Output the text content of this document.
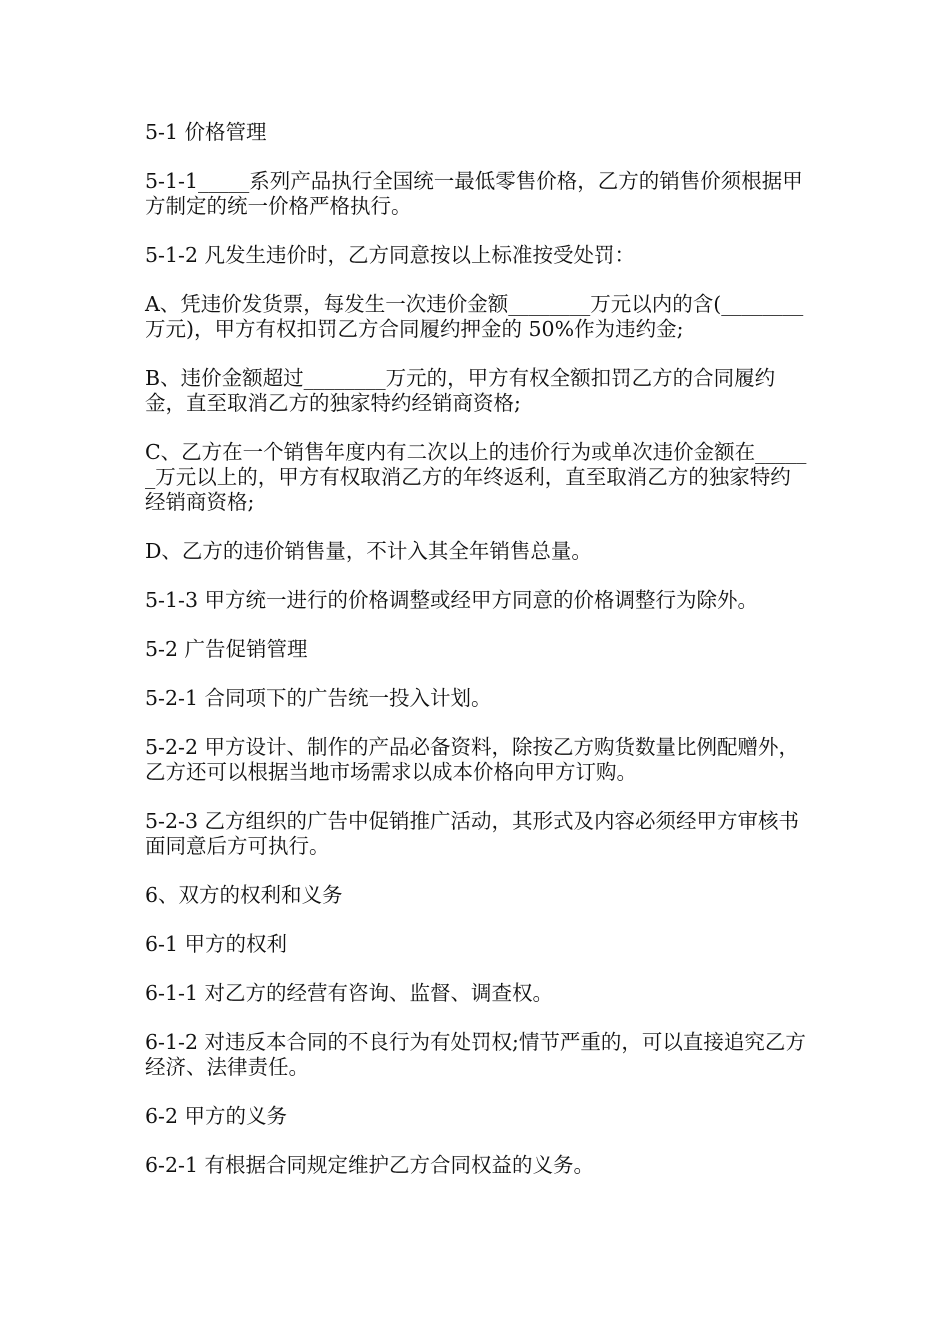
5-1 价格管理

5-1-1_____系列产品执行全国统一最低零售价格，乙方的销售价须根据甲方制定的统一价格严格执行。

5-1-2 凡发生违价时，乙方同意按以上标准按受处罚：

A、凭违价发货票，每发生一次违价金额________万元以内的含(________万元)，甲方有权扣罚乙方合同履约押金的 50%作为违约金;

B、违价金额超过________万元的，甲方有权全额扣罚乙方的合同履约金，直至取消乙方的独家特约经销商资格;

C、乙方在一个销售年度内有二次以上的违价行为或单次违价金额在______万元以上的，甲方有权取消乙方的年终返利，直至取消乙方的独家特约经销商资格;

D、乙方的违价销售量，不计入其全年销售总量。

5-1-3 甲方统一进行的价格调整或经甲方同意的价格调整行为除外。

5-2 广告促销管理

5-2-1 合同项下的广告统一投入计划。

5-2-2 甲方设计、制作的产品必备资料，除按乙方购货数量比例配赠外，乙方还可以根据当地市场需求以成本价格向甲方订购。

5-2-3 乙方组织的广告中促销推广活动，其形式及内容必须经甲方审核书面同意后方可执行。

6、双方的权利和义务

6-1 甲方的权利

6-1-1 对乙方的经营有咨询、监督、调查权。

6-1-2 对违反本合同的不良行为有处罚权;情节严重的，可以直接追究乙方经济、法律责任。

6-2 甲方的义务

6-2-1 有根据合同规定维护乙方合同权益的义务。
